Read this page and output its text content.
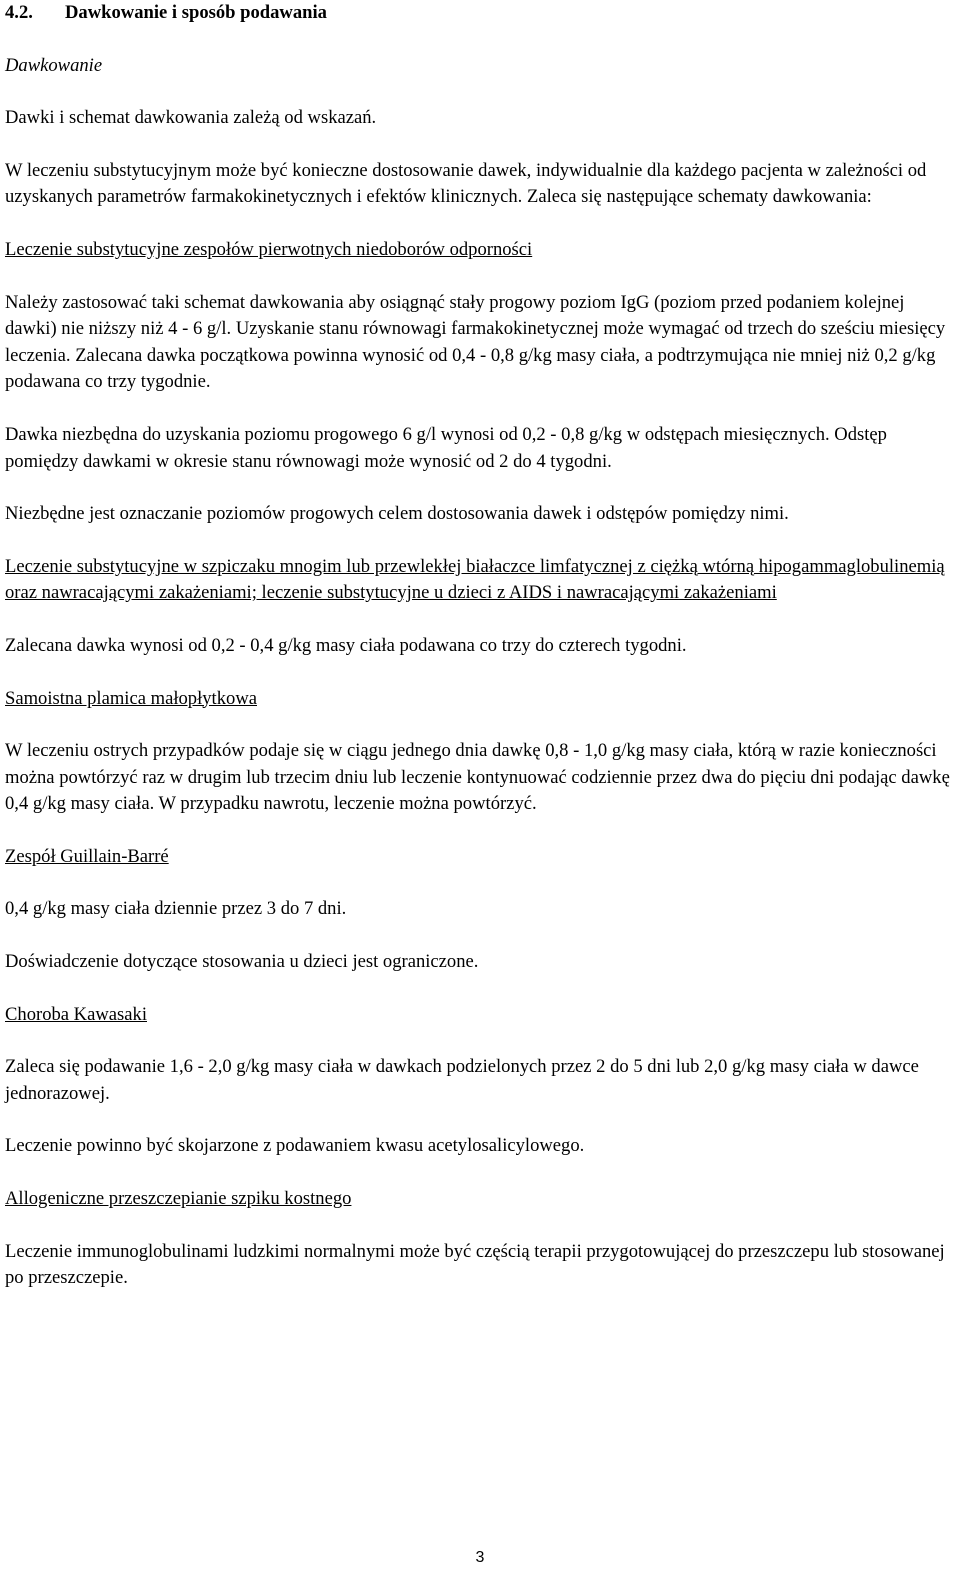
4.2. Dawkowanie i sposób podawania
Dawkowanie

Dawki i schemat dawkowania zależą od wskazań.

W leczeniu substytucyjnym może być konieczne dostosowanie dawek, indywidualnie dla każdego pacjenta w zależności od uzyskanych parametrów farmakokinetycznych i efektów klinicznych. Zaleca się następujące schematy dawkowania:

Leczenie substytucyjne zespołów pierwotnych niedoborów odporności

Należy zastosować taki schemat dawkowania aby osiągnąć stały progowy poziom IgG (poziom przed podaniem kolejnej dawki) nie niższy niż 4 - 6 g/l. Uzyskanie stanu równowagi farmakokinetycznej może wymagać od trzech do sześciu miesięcy leczenia. Zalecana dawka początkowa powinna wynosić od 0,4 - 0,8 g/kg masy ciała, a podtrzymująca nie mniej niż 0,2 g/kg podawana co trzy tygodnie.

Dawka niezbędna do uzyskania poziomu progowego 6 g/l wynosi od 0,2 - 0,8 g/kg w odstępach miesięcznych. Odstęp pomiędzy dawkami w okresie stanu równowagi może wynosić od 2 do 4 tygodni.

Niezbędne jest oznaczanie poziomów progowych celem dostosowania dawek i odstępów pomiędzy nimi.

Leczenie substytucyjne w szpiczaku mnogim lub przewlekłej białaczce limfatycznej z ciężką wtórną hipogammaglobulinemią oraz nawracającymi zakażeniami; leczenie substytucyjne u dzieci z AIDS i nawracającymi zakażeniami

Zalecana dawka wynosi od 0,2 - 0,4 g/kg masy ciała podawana co trzy do czterech tygodni.

Samoistna plamica małopłytkowa

W leczeniu ostrych przypadków podaje się w ciągu jednego dnia dawkę 0,8 - 1,0 g/kg masy ciała, którą w razie konieczności można powtórzyć raz w drugim lub trzecim dniu lub leczenie kontynuować codziennie przez dwa do pięciu dni podając dawkę 0,4 g/kg masy ciała. W przypadku nawrotu, leczenie można powtórzyć.

Zespół Guillain-Barré

0,4 g/kg masy ciała dziennie przez 3 do 7 dni.

Doświadczenie dotyczące stosowania u dzieci jest ograniczone.

Choroba Kawasaki

Zaleca się podawanie 1,6 - 2,0 g/kg masy ciała w dawkach podzielonych przez 2 do 5 dni lub 2,0 g/kg masy ciała w dawce jednorazowej.

Leczenie powinno być skojarzone z podawaniem kwasu acetylosalicylowego.

Allogeniczne przeszczepianie szpiku kostnego

Leczenie immunoglobulinami ludzkimi normalnymi może być częścią terapii przygotowującej do przeszczepu lub stosowanej po przeszczepie.

3
